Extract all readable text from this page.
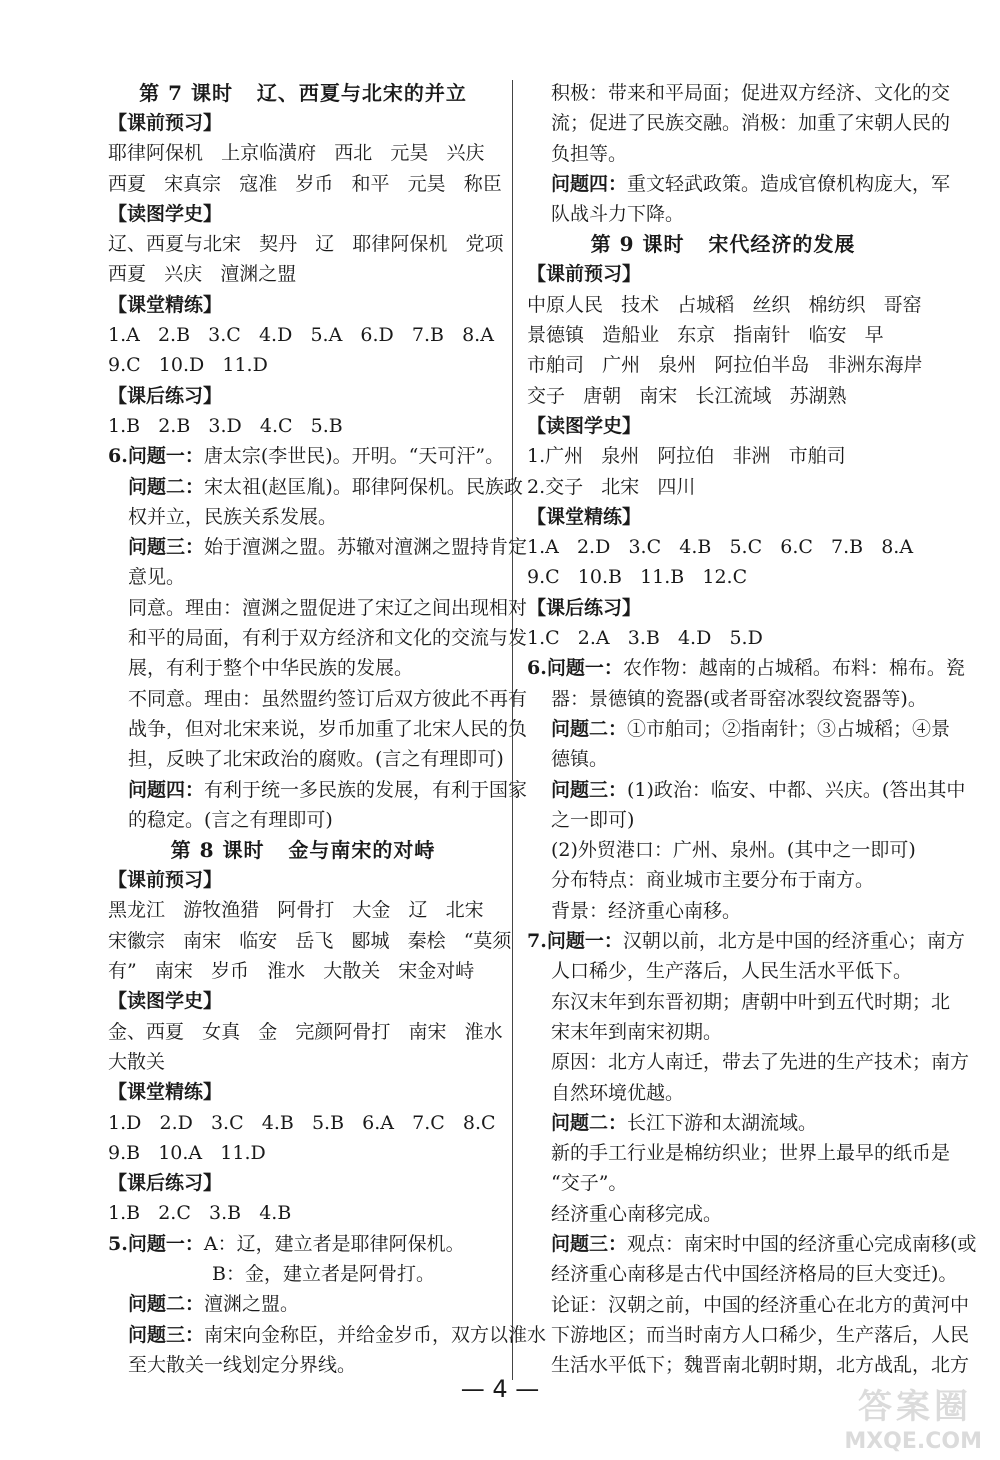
第 7 课时   辽、西夏与北宋的并立
【课前预习】
耶律阿保机   上京临潢府   西北   元昊   兴庆
西夏   宋真宗   寇准   岁币   和平   元昊   称臣
【读图学史】
辽、西夏与北宋   契丹   辽   耶律阿保机   党项
西夏   兴庆   澶渊之盟
【课堂精练】
1.A   2.B   3.C   4.D   5.A   6.D   7.B   8.A
9.C   10.D   11.D
【课后练习】
1.B   2.B   3.D   4.C   5.B
6.问题一：唐太宗(李世民)。开明。“天可汗”。
问题二：宋太祖(赵匡胤)。耶律阿保机。民族政
权并立，民族关系发展。
问题三：始于澶渊之盟。苏辙对澶渊之盟持肯定
意见。
同意。理由：澶渊之盟促进了宋辽之间出现相对
和平的局面，有利于双方经济和文化的交流与发
展，有利于整个中华民族的发展。
不同意。理由：虽然盟约签订后双方彼此不再有
战争，但对北宋来说，岁币加重了北宋人民的负
担，反映了北宋政治的腐败。(言之有理即可)
问题四：有利于统一多民族的发展，有利于国家
的稳定。(言之有理即可)
第 8 课时   金与南宋的对峙
【课前预习】
黑龙江   游牧渔猎   阿骨打   大金   辽   北宋
宋徽宗   南宋   临安   岳飞   郾城   秦桧   “莫须
有”   南宋   岁币   淮水   大散关   宋金对峙
【读图学史】
金、西夏   女真   金   完颜阿骨打   南宋   淮水
大散关
【课堂精练】
1.D   2.D   3.C   4.B   5.B   6.A   7.C   8.C
9.B   10.A   11.D
【课后练习】
1.B   2.C   3.B   4.B
5.问题一：A：辽，建立者是耶律阿保机。
B：金，建立者是阿骨打。
问题二：澶渊之盟。
问题三：南宋向金称臣，并给金岁币，双方以淮水
至大散关一线划定分界线。
积极：带来和平局面；促进双方经济、文化的交
流；促进了民族交融。消极：加重了宋朝人民的
负担等。
问题四：重文轻武政策。造成官僚机构庞大，军
队战斗力下降。
第 9 课时   宋代经济的发展
【课前预习】
中原人民   技术   占城稻   丝织   棉纺织   哥窑
景德镇   造船业   东京   指南针   临安   早
市舶司   广州   泉州   阿拉伯半岛   非洲东海岸
交子   唐朝   南宋   长江流域   苏湖熟
【读图学史】
1.广州   泉州   阿拉伯   非洲   市舶司
2.交子   北宋   四川
【课堂精练】
1.A   2.D   3.C   4.B   5.C   6.C   7.B   8.A
9.C   10.B   11.B   12.C
【课后练习】
1.C   2.A   3.B   4.D   5.D
6.问题一：农作物：越南的占城稻。布料：棉布。瓷
器：景德镇的瓷器(或者哥窑冰裂纹瓷器等)。
问题二：①市舶司；②指南针；③占城稻；④景
德镇。
问题三：(1)政治：临安、中都、兴庆。(答出其中
之一即可)
(2)外贸港口：广州、泉州。(其中之一即可)
分布特点：商业城市主要分布于南方。
背景：经济重心南移。
7.问题一：汉朝以前，北方是中国的经济重心；南方
人口稀少，生产落后，人民生活水平低下。
东汉末年到东晋初期；唐朝中叶到五代时期；北
宋末年到南宋初期。
原因：北方人南迁，带去了先进的生产技术；南方
自然环境优越。
问题二：长江下游和太湖流域。
新的手工行业是棉纺织业；世界上最早的纸币是
“交子”。
经济重心南移完成。
问题三：观点：南宋时中国的经济重心完成南移(或
经济重心南移是古代中国经济格局的巨大变迁)。
论证：汉朝之前，中国的经济重心在北方的黄河中
下游地区；而当时南方人口稀少，生产落后，人民
生活水平低下；魏晋南北朝时期，北方战乱，北方
— 4 —	答案圈
MXQE.COM
